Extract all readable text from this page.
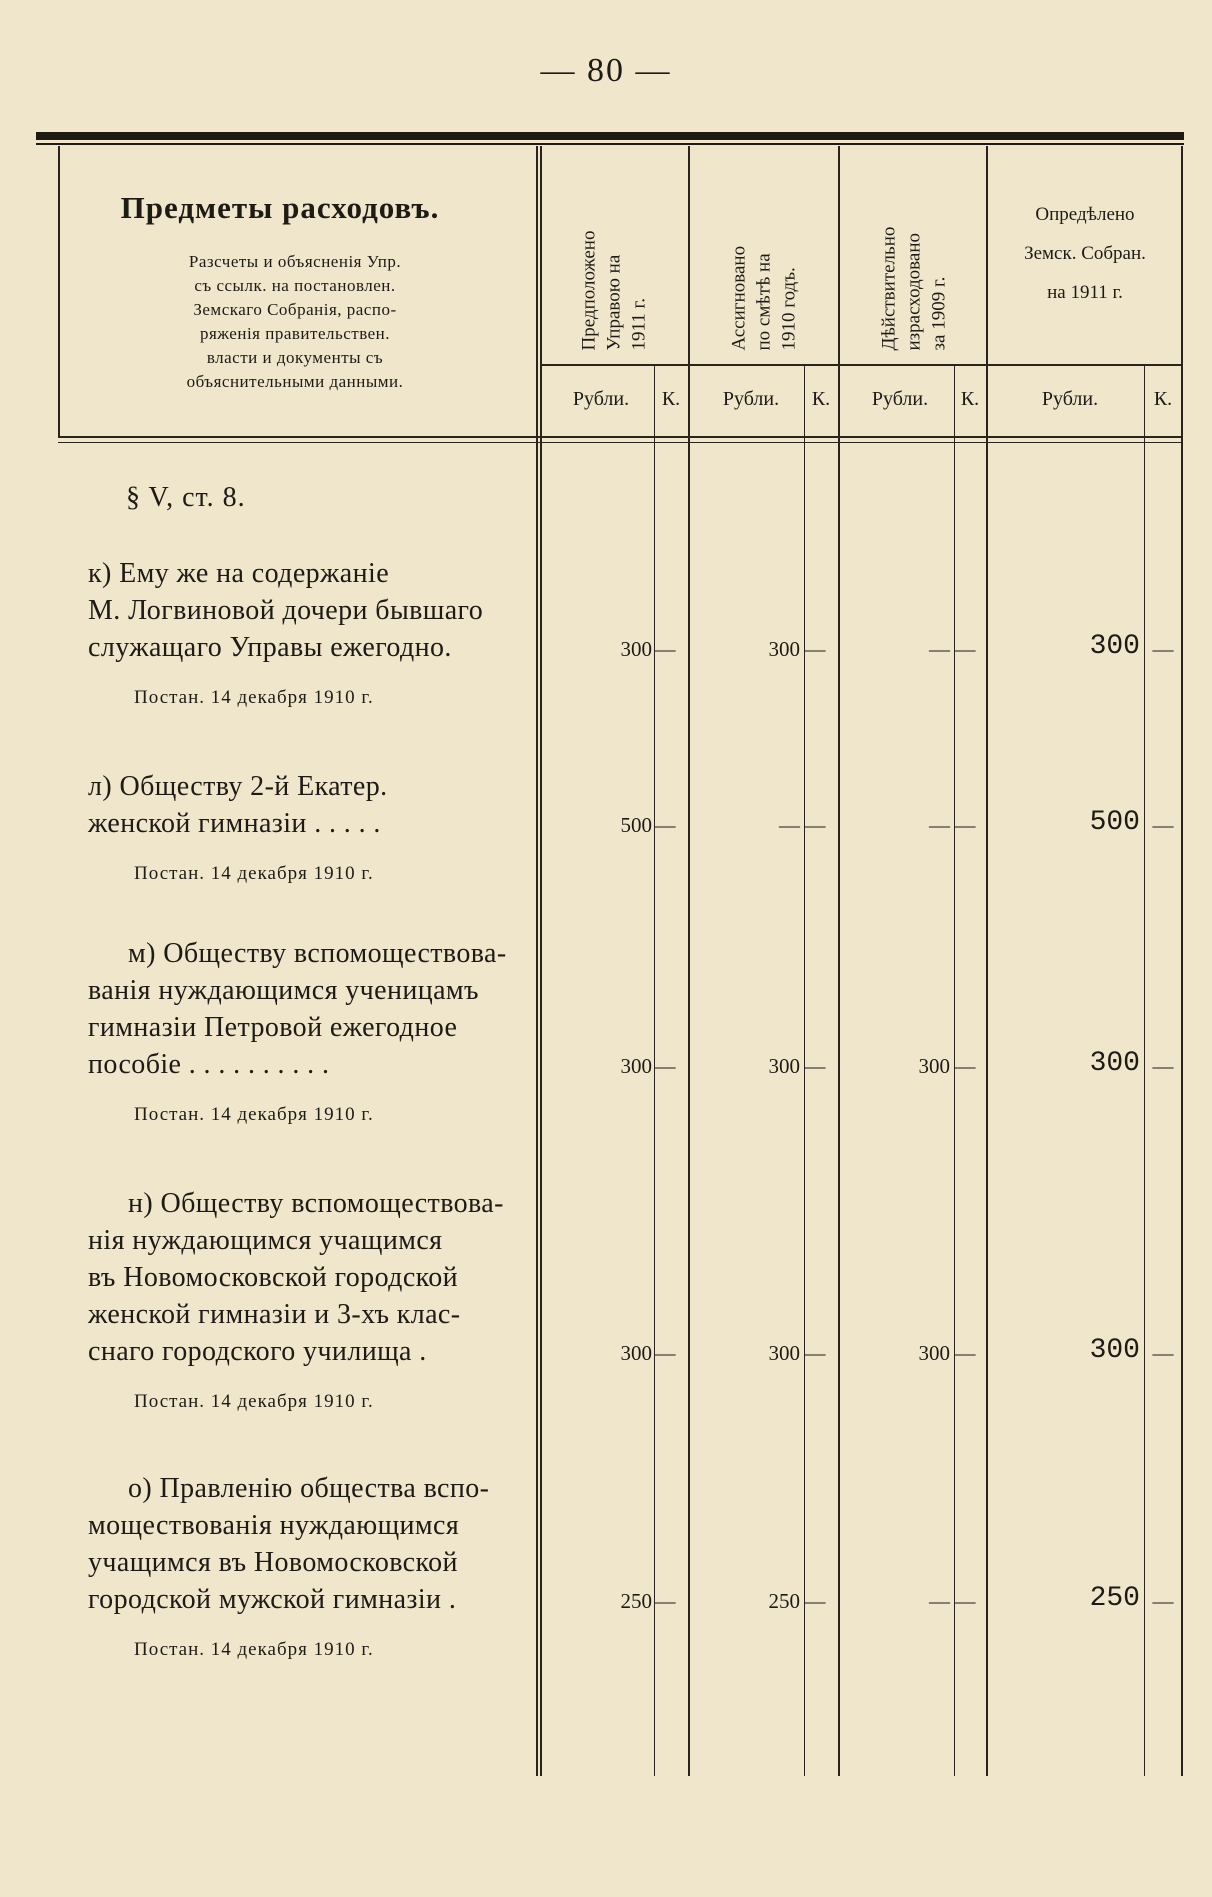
— 80 —
Предметы расходовъ.
Разсчеты и объясненія Упр.
съ ссылк. на постановлен.
Земскаго Собранія, распо-
ряженія правительствен.
власти и документы съ
объяснительными данными.
Предположено
Управою на
1911 г.	Ассигновано
по смѣтѣ на
1910 годъ.	Дѣйствительно
израсходовано
за 1909 г.
Опредѣлено
Земск. Собран.
на 1911 г.
Рубли.	К.	Рубли.	К.	Рубли.	К.	Рубли.	К.
§ V, ст. 8.
к) Ему же на содержаніе
М. Логвиновой дочери бывшаго
служащаго Управы ежегодно.
Постан. 14 декабря 1910 г.
300 —	300 —	— —	300 —
л) Обществу 2-й Екатер.
женской гимназіи . . . . .
Постан. 14 декабря 1910 г.
500 —	— —	— —	500 —
м) Обществу вспомоществова-
ванія нуждающимся ученицамъ
гимназіи Петровой ежегодное
пособіе . . . . . . . . . .
Постан. 14 декабря 1910 г.
300 —	300 —	300 —	300 —
н) Обществу вспомоществова-
нія нуждающимся учащимся
въ Новомосковской городской
женской гимназіи и 3-хъ клас-
снаго городского училища .
Постан. 14 декабря 1910 г.
300 —	300 —	300 —	300 —
о) Правленію общества вспо-
моществованія нуждающимся
учащимся въ Новомосковской
городской мужской гимназіи .
Постан. 14 декабря 1910 г.
250 —	250 —	— —	250 —
